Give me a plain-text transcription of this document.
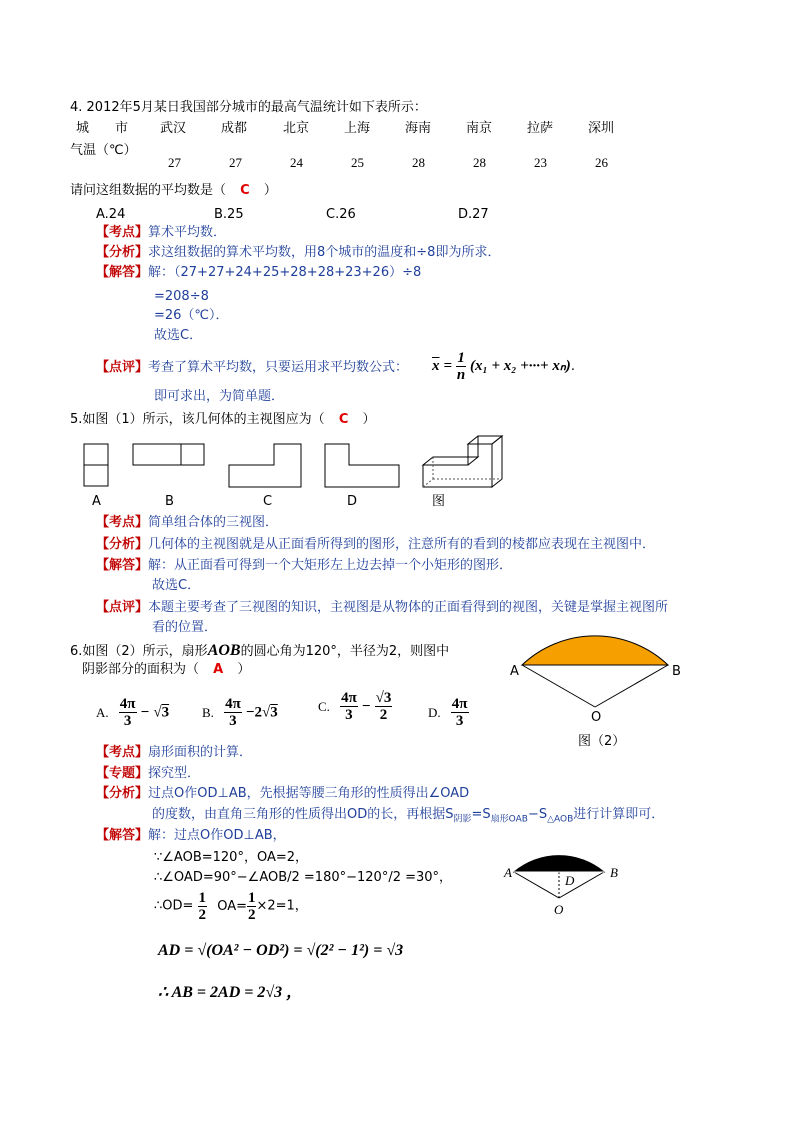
4. 2012年5月某日我国部分城市的最高气温统计如下表所示：
城　　市 武汉	成都	北京	上海	海南	南京	拉萨	深圳
气温（℃）
27	27	24	25	28	28	23	26
请问这组数据的平均数是（ C ）
A.24	B.25	C.26	D.27
【考点】算术平均数．
【分析】求这组数据的算术平均数，用8个城市的温度和÷8即为所求．
【解答】解：（27+27+24+25+28+28+23+26）÷8
=208÷8
=26（℃）．
故选C．
【点评】考查了算术平均数，只要运用求平均数公式： $\overline{x} = \frac{1}{n} (x_1 + x_2$ +···+ xₙ).
即可求出，为简单题．
5.如图（1）所示，该几何体的主视图应为（ C ）
A	B	C	D	图
【考点】简单组合体的三视图．
【分析】几何体的主视图就是从正面看所得到的图形，注意所有的看到的棱都应表现在主视图中．
【解答】解：从正面看可得到一个大矩形左上边去掉一个小矩形的图形．
故选C．
【点评】本题主要考查了三视图的知识，主视图是从物体的正面看得到的视图，关键是掌握主视图所
看的位置．
6.如图（2）所示，扇形AOB的圆心角为120°，半径为2，则图中
阴影部分的面积为（ A ）
A. $\frac{4\pi}{3} - √3$	B. $\frac{4\pi}{3} -2√3$	C. $\frac{4\pi}{3} - \frac{√3}{2}$	D. $\frac{4\pi}{3}$
A	B
O
图（2）
【考点】扇形面积的计算．
【专题】探究型．
【分析】过点O作OD⊥AB，先根据等腰三角形的性质得出∠OAD
的度数，由直角三角形的性质得出OD的长，再根据$S_{阴影}=S_{扇形OAB}-S_{\triangle AOB}$进行计算即可．
【解答】解：过点O作OD⊥AB，
∵∠AOB=120°，OA=2，
∴∠OAD=90°−∠AOB/2 =180°−120°/2 =30°，
∴OD= $\frac{1}{2} OA= \frac{1}{2} \times 2=1$，
AD = √(OA² − OD²) = √(2² − 1²) = √3
∴ AB = 2AD = 2√3 ，
A	B
D
O
